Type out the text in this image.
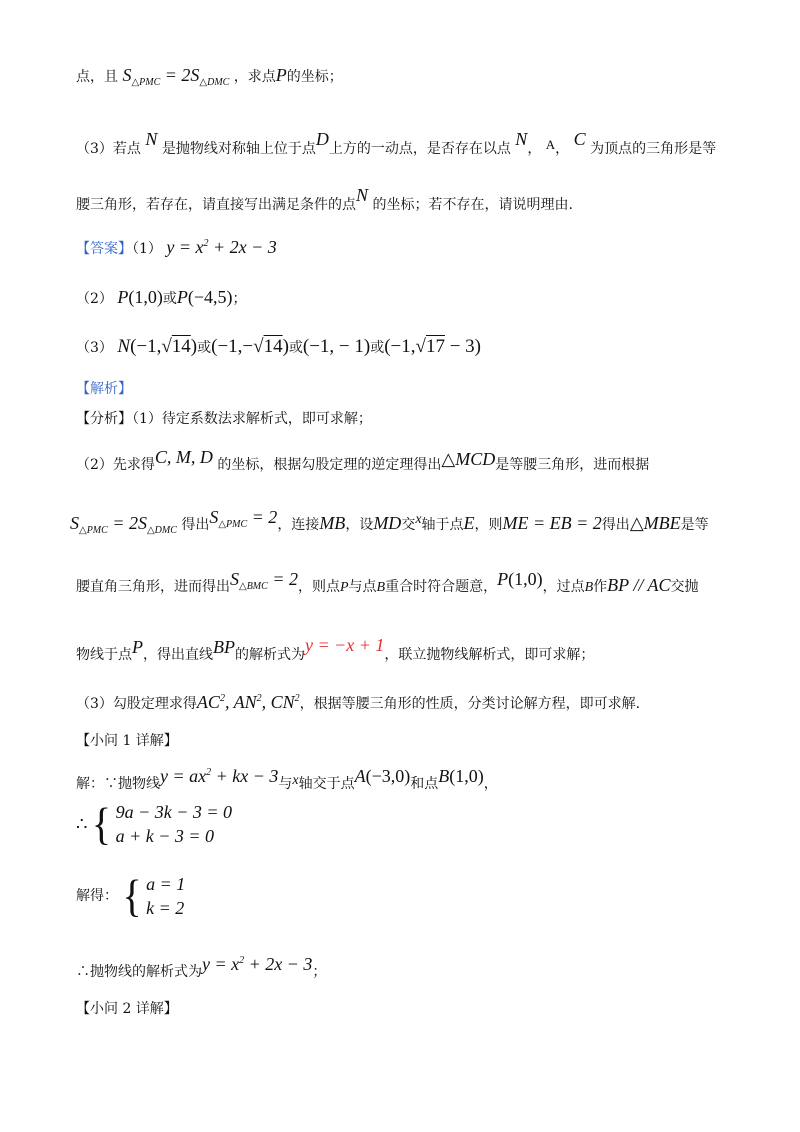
点，且 $S_{\triangle PMC} = 2S_{\triangle DMC}$ ，求点P的坐标；
（3）若点 N 是抛物线对称轴上位于点D上方的一动点，是否存在以点 N， A， C 为顶点的三角形是等
腰三角形，若存在，请直接写出满足条件的点N 的坐标；若不存在，请说明理由.
【答案】（1） $y = x^2 + 2x - 3$
（2） P(1,0)或P(−4,5)；
（3） N(−1,√14)或(−1,−√14)或(−1, − 1)或(−1,√17 − 3)
【解析】
【分析】（1）待定系数法求解析式，即可求解；
（2）先求得C, M, D 的坐标，根据勾股定理的逆定理得出△MCD是等腰三角形，进而根据
$S_{\triangle PMC} = 2S_{\triangle DMC}$ 得出$S_{\triangle PMC} = 2$，连接MB，设MD交x轴于点E，则ME = EB = 2得出△MBE是等
腰直角三角形，进而得出$S_{\triangle BMC} = 2$，则点P与点B重合时符合题意，P(1,0)，过点B作BP // AC交抛
物线于点P，得出直线BP的解析式为y = −x + 1，联立抛物线解析式，即可求解；
（3）勾股定理求得$AC^2$, $AN^2$, $CN^2$，根据等腰三角形的性质，分类讨论解方程，即可求解.
【小问 1 详解】
解：∵抛物线$y = ax^2$ + kx − 3与x轴交于点A(−3,0)和点B(1,0)，
∴ { 9a − 3k − 3 = 0
a + k − 3 = 0
解得： { a = 1
k = 2
∴抛物线的解析式为$y = x^2 + 2x - 3$；
【小问 2 详解】
